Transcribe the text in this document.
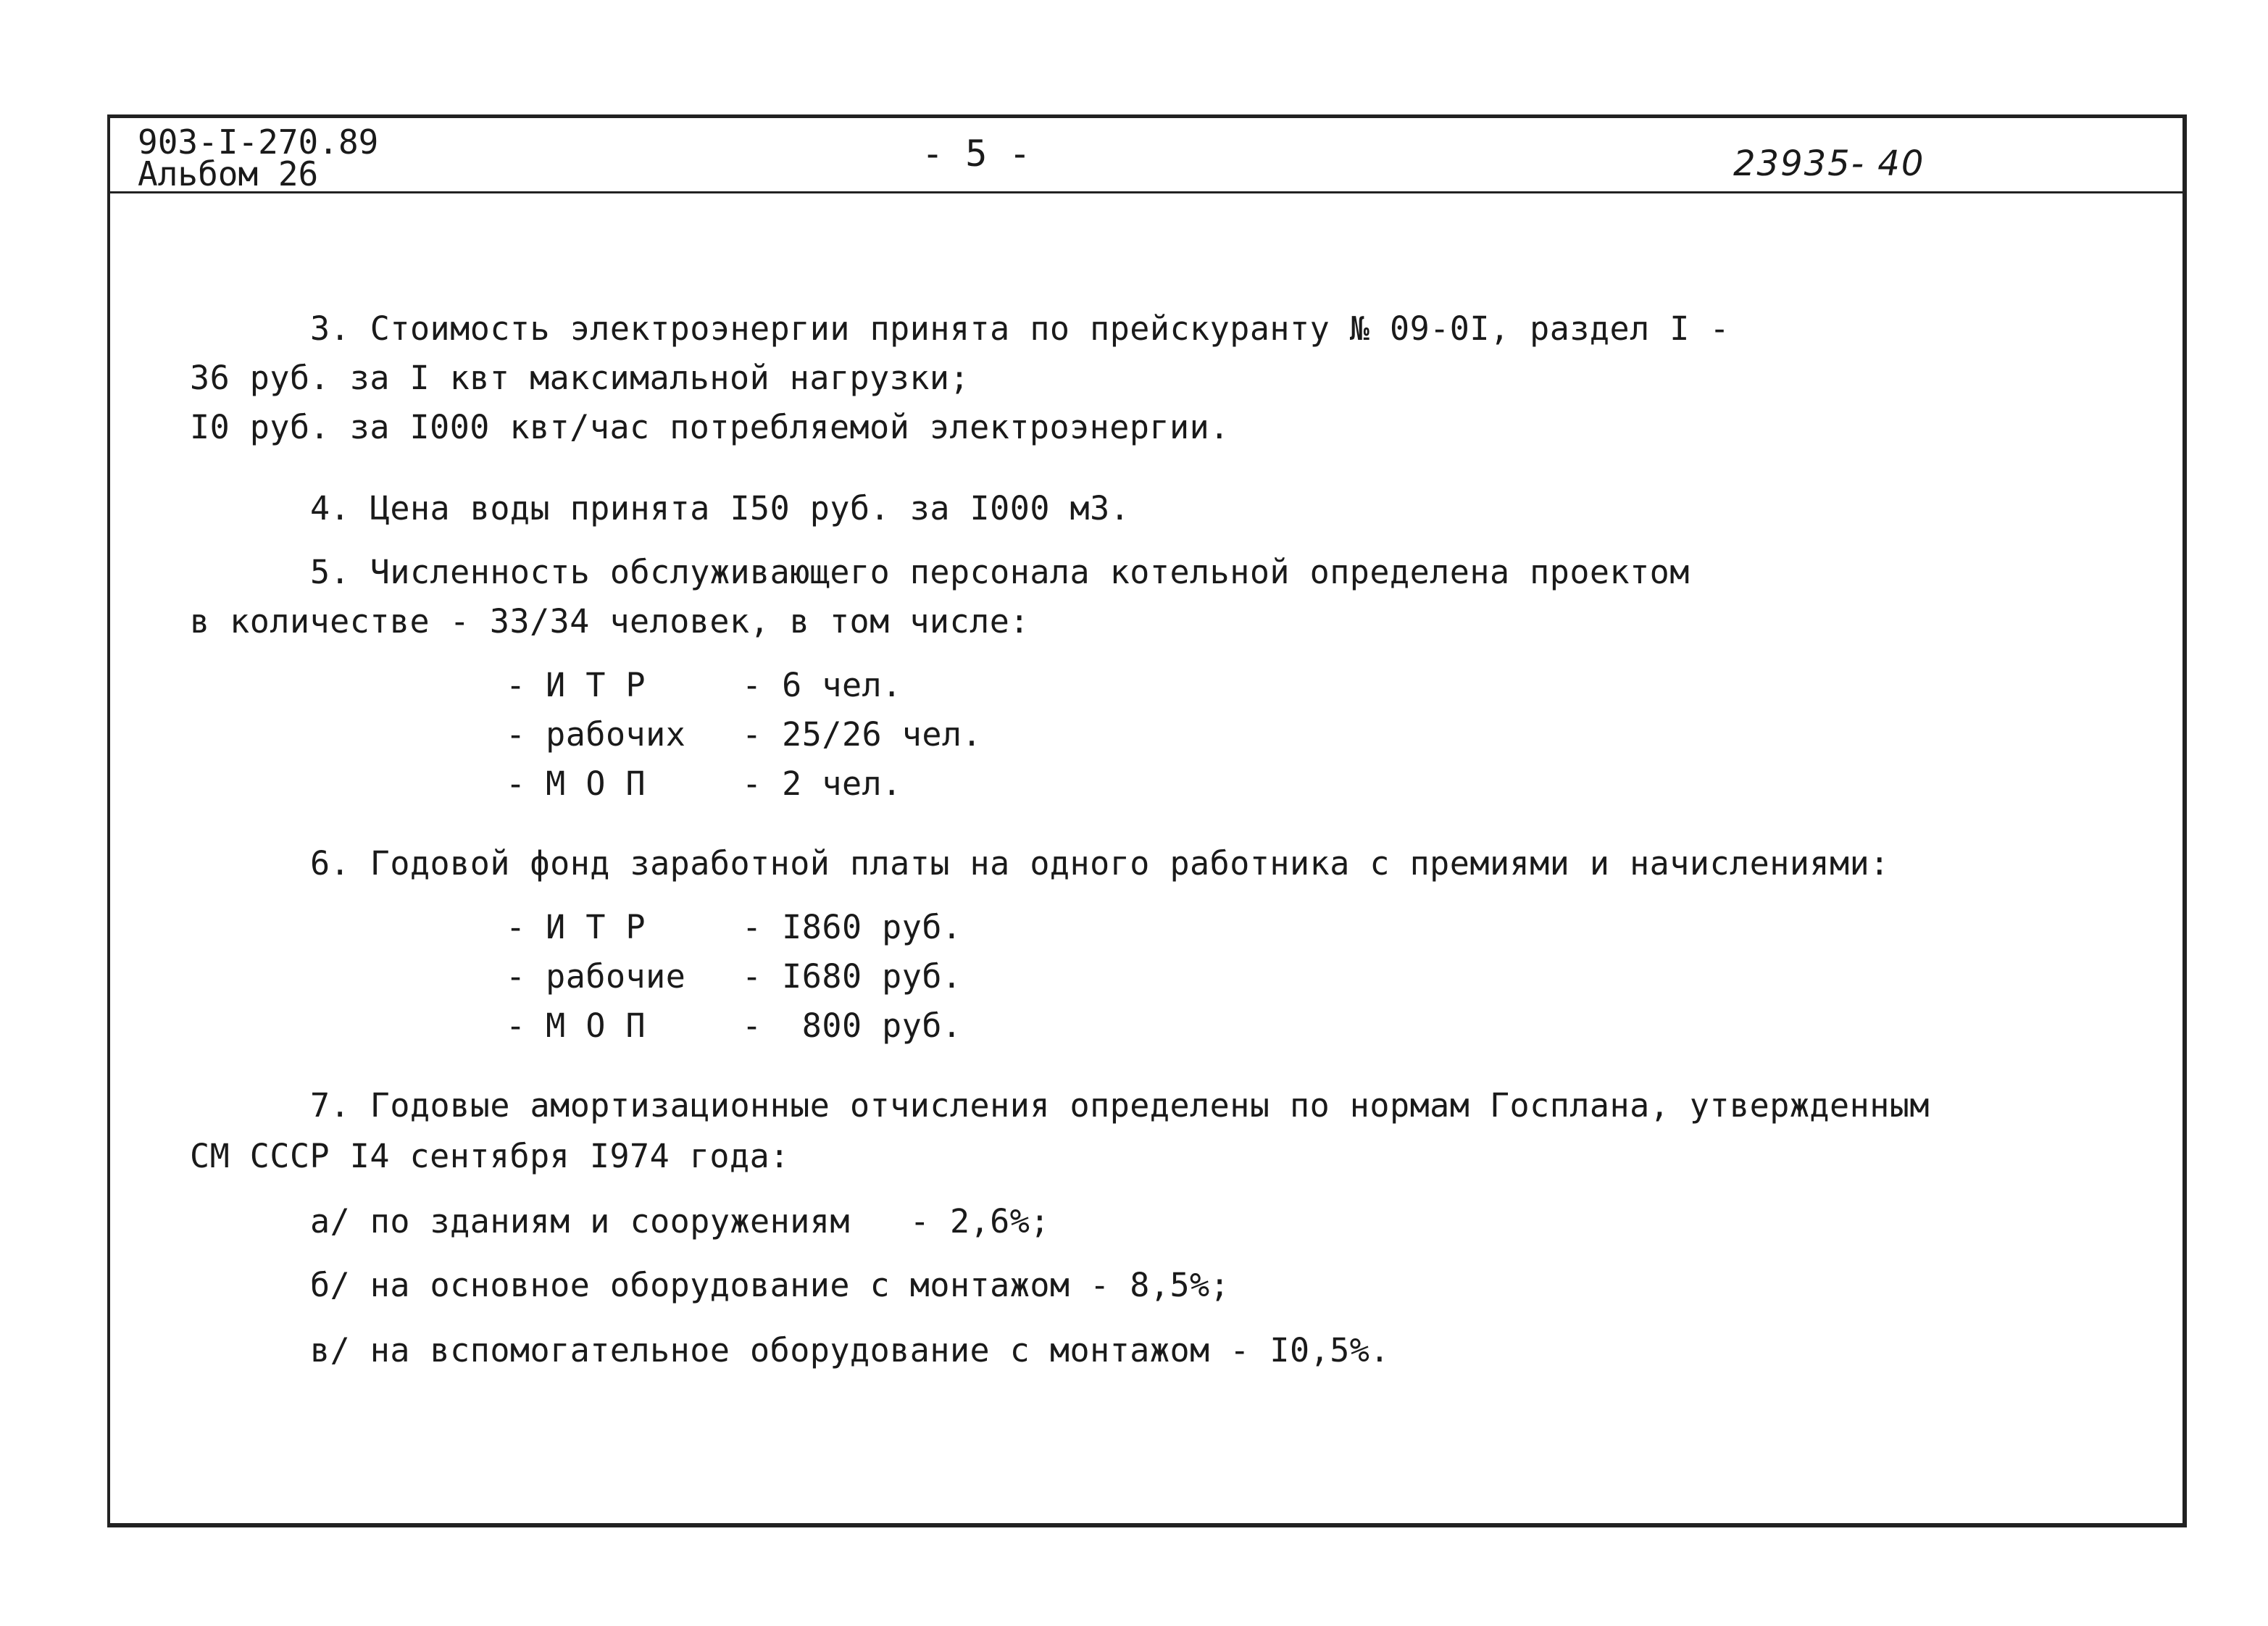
903-I-270.89
Альбом 26	- 5 -	23935- 40
3. Стоимость электроэнергии принята по прейскуранту № 09-0I, раздел I -
36 руб. за I квт максимальной нагрузки;
I0 руб. за I000 квт/час потребляемой электроэнергии.
4. Цена воды принята I50 руб. за I000 м3.
5. Численность обслуживающего персонала котельной определена проектом
в количестве - 33/34 человек, в том числе:
- И Т Р	- 6 чел.
- рабочих - 25/26 чел.
- М О П	- 2 чел.
6. Годовой фонд заработной платы на одного работника с премиями и начислениями:
- И Т Р	- I860 руб.
- рабочие - I680 руб.
- М О П	-  800 руб.
7. Годовые амортизационные отчисления определены по нормам Госплана, утвержденным
СМ СССР I4 сентября I974 года:
а/ по зданиям и сооружениям   - 2,6%;
б/ на основное оборудование с монтажом - 8,5%;
в/ на вспомогательное оборудование с монтажом - I0,5%.
